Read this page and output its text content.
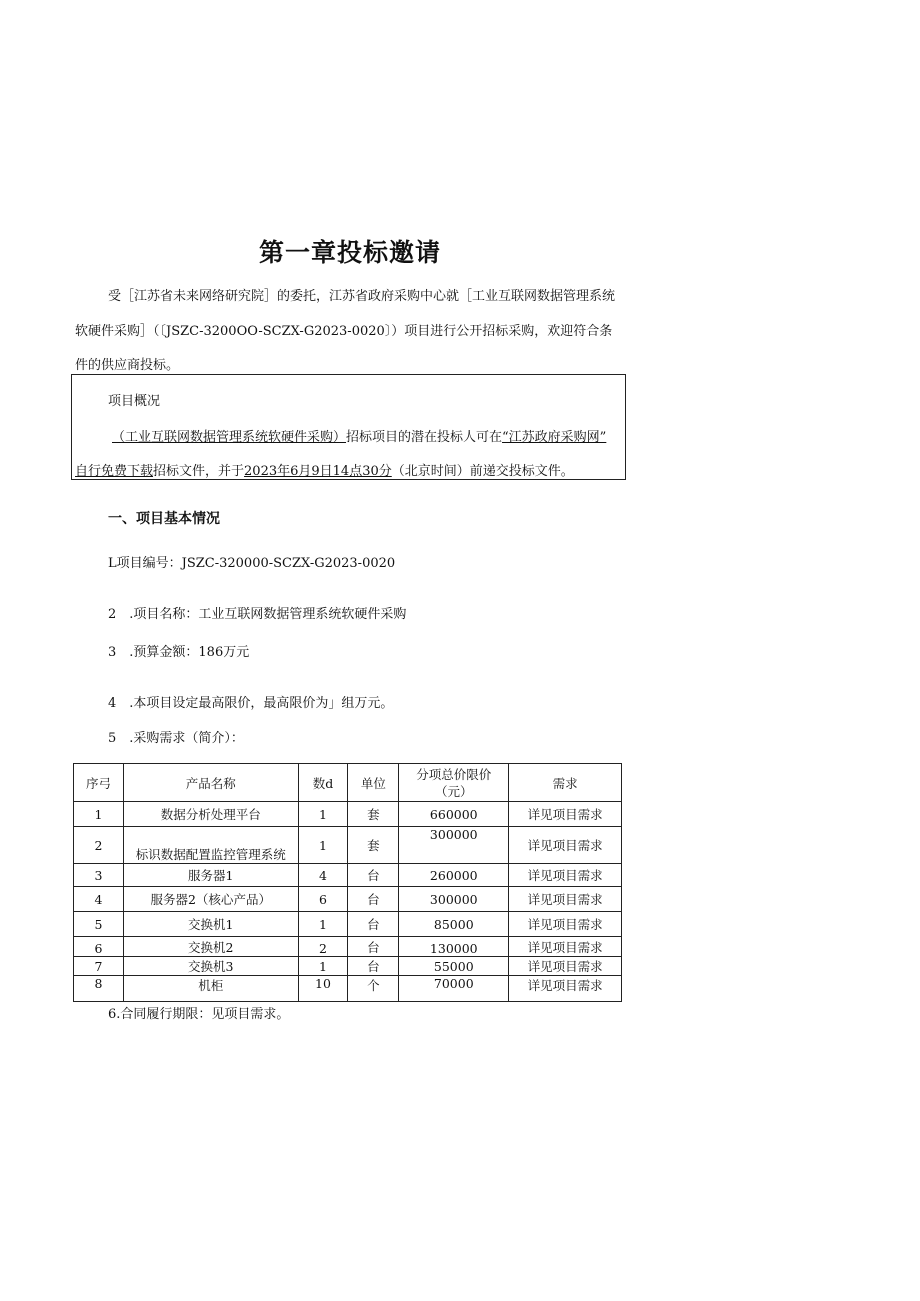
第一章投标邀请
受［江苏省未来网络研究院］的委托，江苏省政府采购中心就［工业互联网数据管理系统
软硬件采购］（〔JSZC-3200OO-SCZX-G2023-0020〕）项目进行公开招标采购，欢迎符合条
件的供应商投标。
项目概况
（工业互联网数据管理系统软硬件采购）招标项目的潜在投标人可在“江苏政府采购网”
自行免费下载招标文件，并于2023年6月9日14点30分（北京时间）前递交投标文件。
一、项目基本情况
L项目编号：JSZC-320000-SCZX-G2023-0020
2　.项目名称：工业互联网数据管理系统软硬件采购
3　.预算金额：186万元
4　.本项目设定最高限价，最高限价为」组万元。
5　.采购需求（简介）：
序弓	产品名称	数d	单位	分项总价限价（元）	需求
1	数据分析处理平台	1	套	660000	详见项目需求
2	标识数据配置监控管理系统	1	套	300000	详见项目需求
3	服务器1	4	台	260000	详见项目需求
4	服务器2（核心产品）	6	台	300000	详见项目需求
5	交换机1	1	台	85000	详见项目需求
6	交换机2	2	台	130000	详见项目需求
7	交换机3	1	台	55000	详见项目需求
8	机柜	10	个	70000	详见项目需求
6.合同履行期限：见项目需求。
